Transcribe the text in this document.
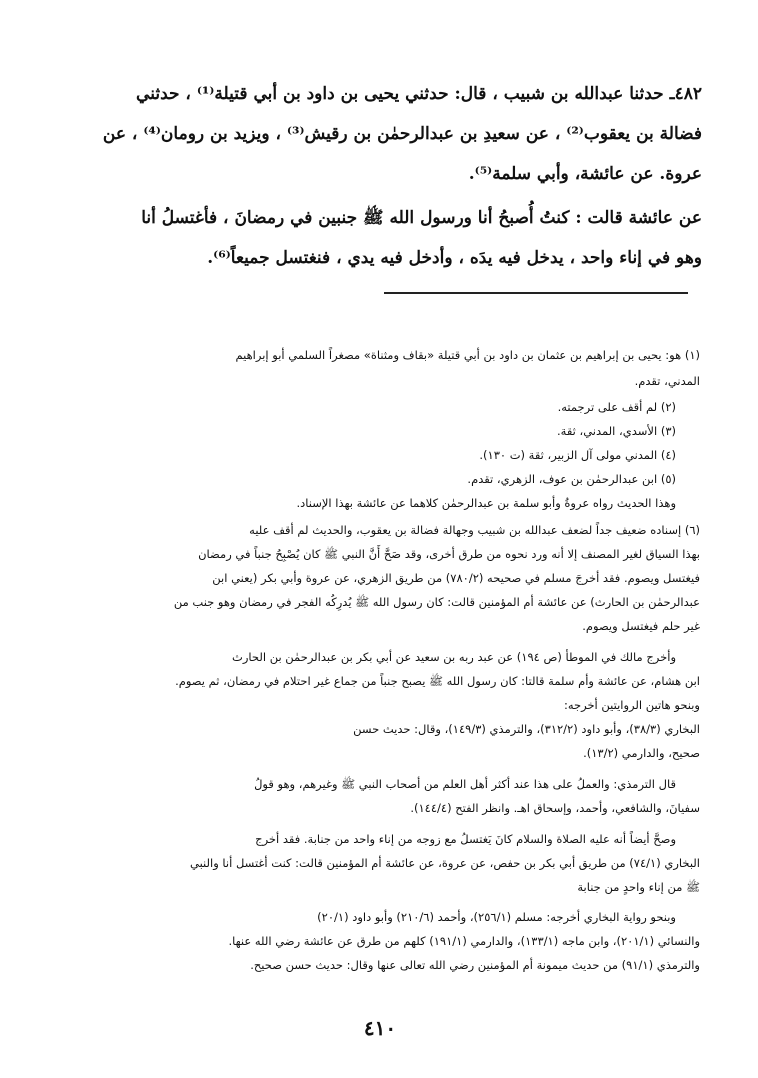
٤٨٢ـ حدثنا عبدالله بن شبيب ، قال: حدثني يحيى بن داود بن أبي قتيلة⁽¹⁾ ، حدثني

فضالة بن يعقوب⁽²⁾ ، عن سعيدِ بن عبدالرحمٰن بن رقيش⁽³⁾ ، ويزيد بن رومان⁽⁴⁾ ، عن

عروة. عن عائشة، وأبي سلمة⁽⁵⁾.

عن عائشة قالت : كنتُ أُصبحُ أنا ورسول الله ﷺ جنبين في رمضانَ ، فأغتسلُ أنا

وهو في إناء واحد ، يدخل فيه يدَه ، وأدخل فيه يدي ، فنغتسل جميعاً⁽⁶⁾.

(١) هو: يحيى بن إبراهيم بن عثمان بن داود بن أبي قتيلة «بقاف ومثناة» مصغراً السلمي أبو إبراهيم
المدني، تقدم.
(٢) لم أقف على ترجمته.
(٣) الأسدي، المدني، ثقة.
(٤) المدني مولى آل الزبير، ثقة (ت ١٣٠).
(٥) ابن عبدالرحمٰن بن عوف، الزهري، تقدم.
وهذا الحديث رواه عروةُ وأبو سلمة بن عبدالرحمٰن كلاهما عن عائشة بهذا الإسناد.
(٦) إسناده ضعيف جداً لضعف عبدالله بن شبيب وجهالة فضالة بن يعقوب، والحديث لم أقف عليه
بهذا السياق لغير المصنف إلا أنه ورد نحوه من طرق أخرى، وقد صَحَّ أَنَّ النبي ﷺ كان يُصْبِحُ جنباً في رمضان
فيغتسل ويصوم. فقد أخرجَ مسلم في صحيحه (٧٨٠/٢) من طريق الزهري، عن عروة وأبي بكر (يعني ابن
عبدالرحمٰن بن الحارث) عن عائشة أم المؤمنين قالت: كان رسول الله ﷺ يُدرِكُه الفجر في رمضان وهو جنب من
غير حلم فيغتسل ويصوم.
وأخرج مالك في الموطأ (ص ١٩٤) عن عبد ربه بن سعيد عن أبي بكر بن عبدالرحمٰن بن الحارث
ابن هشام، عن عائشة وأم سلمة قالتا: كان رسول الله ﷺ يصبح جنباً من جماع غير احتلام في رمضان، ثم يصوم.
وبنحو هاتين الروايتين أخرجه:
البخاري (٣٨/٣)، وأبو داود (٣١٢/٢)، والترمذي (١٤٩/٣)، وقال: حديث حسن
صحيح، والدارمي (١٣/٢).
قال الترمذي: والعملُ على هذا عند أكثر أهل العلم من أصحاب النبي ﷺ وغيرهم، وهو قولُ
سفيانَ، والشافعي، وأحمد، وإسحاق اهـ. وانظر الفتح (١٤٤/٤).
وصحَّ أيضاً أنه عليه الصلاة والسلام كانَ يَغتسلُ مع زوجه من إناء واحد من جنابة. فقد أخرج
البخاري (٧٤/١) من طريق أبي بكر بن حفص، عن عروة، عن عائشة أم المؤمنين قالت: كنت أغتسل أنا والنبي
ﷺ من إناء واحدٍ من جنابة
وبنحو رواية البخاري أخرجه: مسلم (٢٥٦/١)، وأحمد (٢١٠/٦) وأبو داود (٢٠/١)
والنسائي (٢٠١/١)، وابن ماجه (١٣٣/١)، والدارمي (١٩١/١) كلهم من طرق عن عائشة رضي الله عنها.
والترمذي (٩١/١) من حديث ميمونة أم المؤمنين رضي الله تعالى عنها وقال: حديث حسن صحيح.
٤١٠
